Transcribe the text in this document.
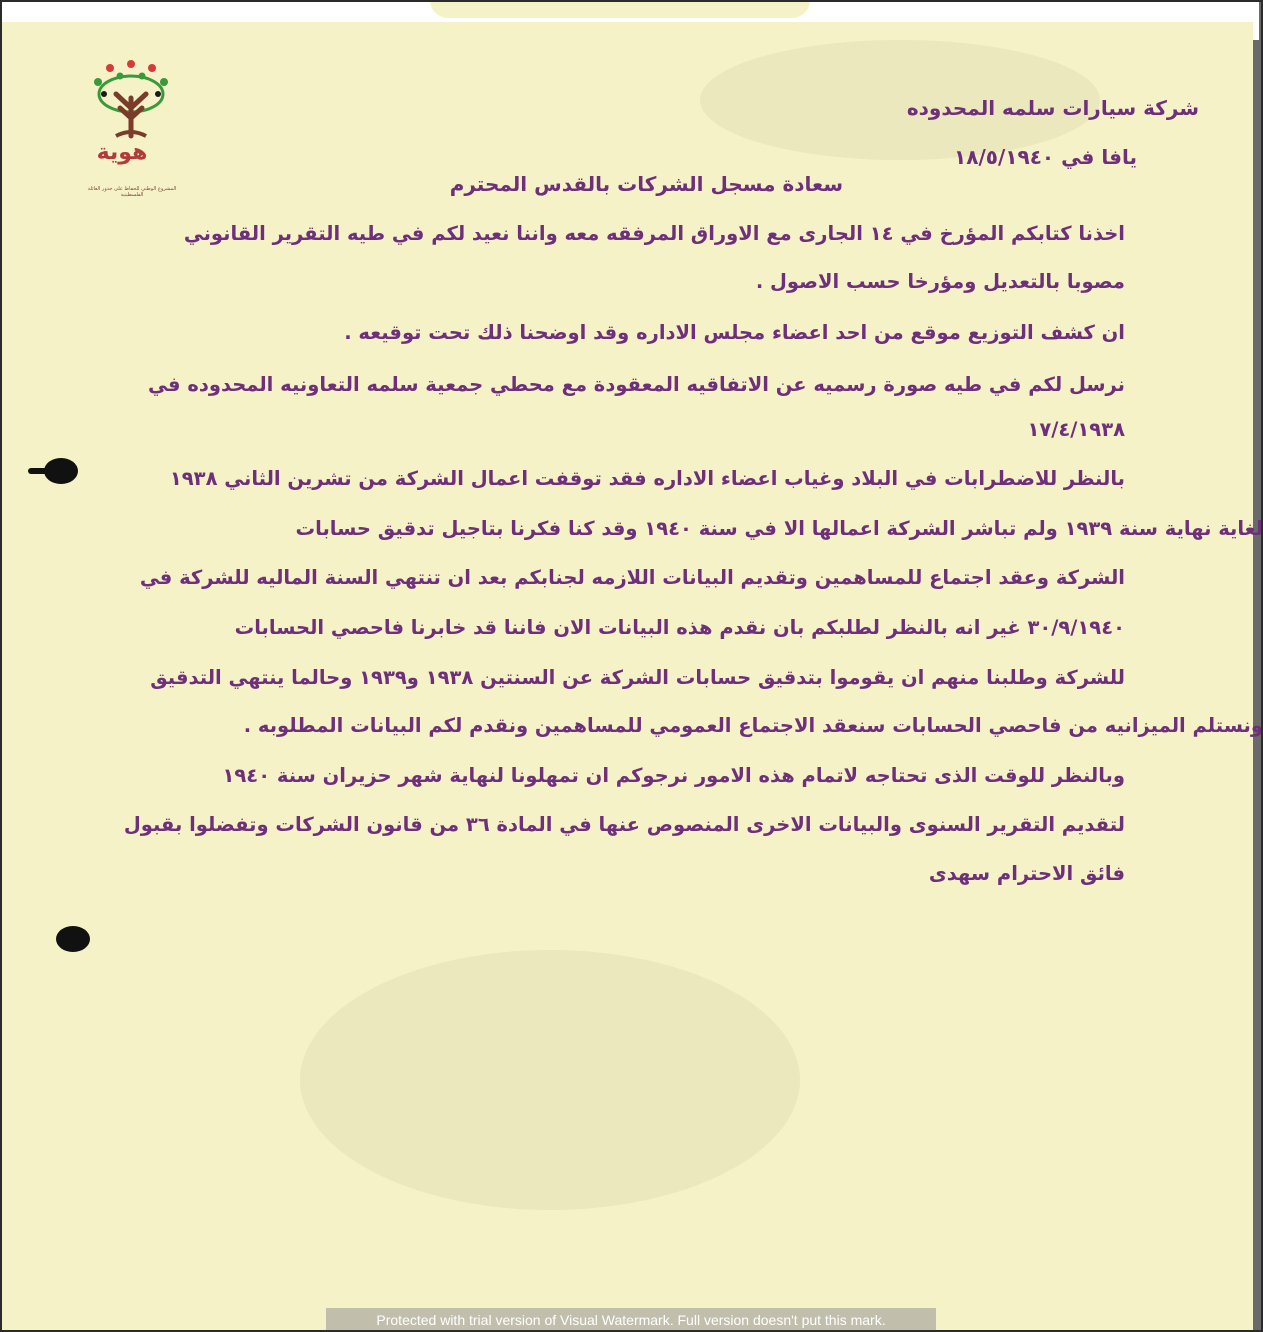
هوية
المشروع الوطني للحفاظ على جذور العائلة الفلسطينية
شركة سيارات سلمه المحدوده
يافا في ١٨/٥/١٩٤٠
سعادة مسجل الشركات بالقدس المحترم
اخذنا كتابكم المؤرخ في ١٤ الجارى مع الاوراق المرفقه معه واننا نعيد لكم في طيه التقرير القانوني
مصوبا بالتعديل ومؤرخا حسب الاصول .
ان كشف التوزيع موقع من احد اعضاء مجلس الاداره وقد اوضحنا ذلك تحت توقيعه .
نرسل لكم في طيه صورة رسميه عن الاتفاقيه المعقودة مع محطي جمعية سلمه التعاونيه المحدوده في
١٧/٤/١٩٣٨
بالنظر للاضطرابات في البلاد وغياب اعضاء الاداره فقد توقفت اعمال الشركة من تشرين الثاني ١٩٣٨
لغاية نهاية سنة ١٩٣٩ ولم تباشر الشركة اعمالها الا في سنة ١٩٤٠ وقد كنا فكرنا بتاجيل تدقيق حسابات
الشركة وعقد اجتماع للمساهمين وتقديم البيانات اللازمه لجنابكم بعد ان تنتهي السنة الماليه للشركة في
٣٠/٩/١٩٤٠ غير انه بالنظر لطلبكم بان نقدم هذه البيانات الان فاننا قد خابرنا فاحصي الحسابات
للشركة وطلبنا منهم ان يقوموا بتدقيق حسابات الشركة عن السنتين ١٩٣٨ و١٩٣٩ وحالما ينتهي التدقيق
ونستلم الميزانيه من فاحصي الحسابات سنعقد الاجتماع العمومي للمساهمين ونقدم لكم البيانات المطلوبه .
وبالنظر للوقت الذى تحتاجه لاتمام هذه الامور نرجوكم ان تمهلونا لنهاية شهر حزيران سنة ١٩٤٠
لتقديم التقرير السنوى والبيانات الاخرى المنصوص عنها في المادة ٣٦ من قانون الشركات وتفضلوا بقبول
فائق الاحترام سهدى
Protected with trial version of Visual Watermark. Full version doesn't put this mark.
